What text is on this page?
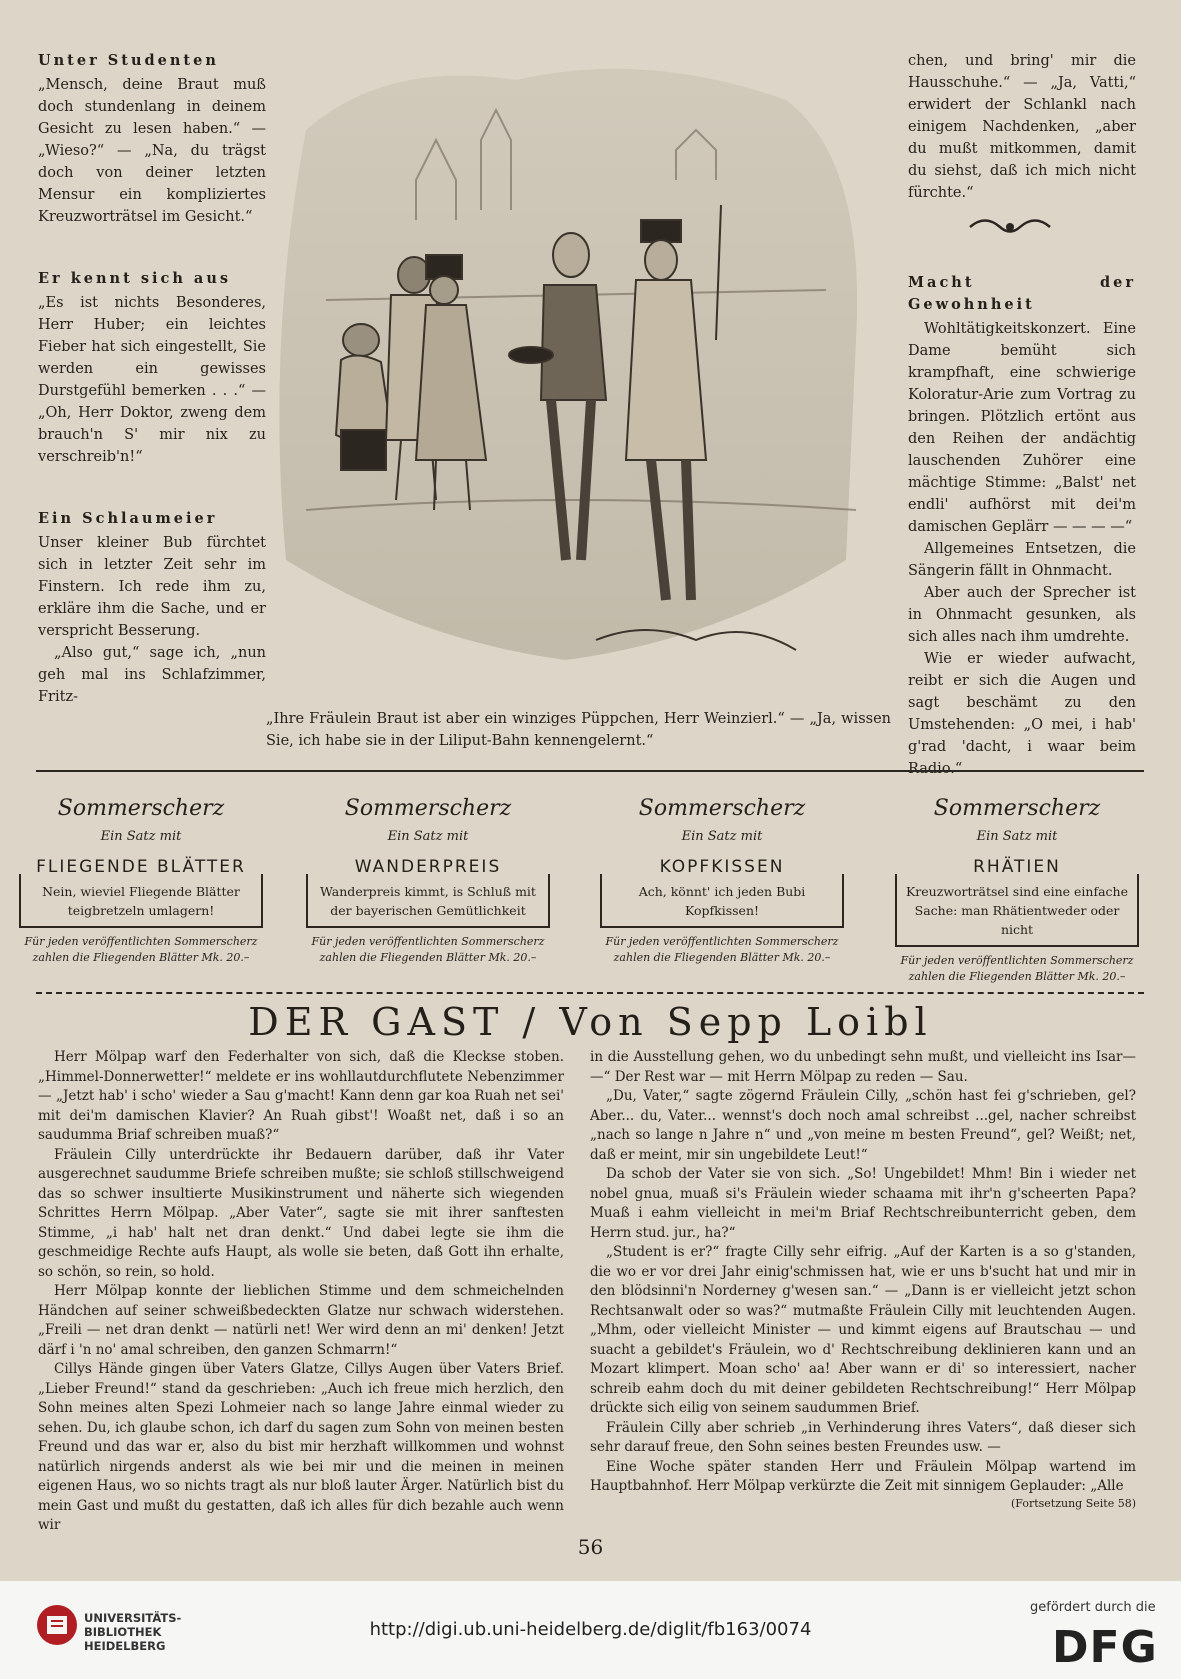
Unter Studenten

„Mensch, deine Braut muß doch stundenlang in deinem Gesicht zu lesen haben.“ — „Wieso?“ — „Na, du trägst doch von deiner letzten Mensur ein kompliziertes Kreuzworträtsel im Gesicht.“

Er kennt sich aus

„Es ist nichts Besonderes, Herr Huber; ein leichtes Fieber hat sich eingestellt, Sie werden ein gewisses Durstgefühl bemerken . . .“ — „Oh, Herr Doktor, zweng dem brauch'n S' mir nix zu verschreib'n!“

Ein Schlaumeier

Unser kleiner Bub fürchtet sich in letzter Zeit sehr im Finstern. Ich rede ihm zu, erkläre ihm die Sache, und er verspricht Besserung.

„Also gut,“ sage ich, „nun geh mal ins Schlafzimmer, Fritz-

„Ihre Fräulein Braut ist aber ein winziges Püppchen, Herr Weinzierl.“ — „Ja, wissen Sie, ich habe sie in der Liliput-Bahn kennengelernt.“

chen, und bring' mir die Hausschuhe.“ — „Ja, Vatti,“ erwidert der Schlankl nach einigem Nachdenken, „aber du mußt mitkommen, damit du siehst, daß ich mich nicht fürchte.“

Macht der Gewohnheit

Wohltätigkeitskonzert. Eine Dame bemüht sich krampfhaft, eine schwierige Koloratur-Arie zum Vortrag zu bringen. Plötzlich ertönt aus den Reihen der andächtig lauschenden Zuhörer eine mächtige Stimme: „Balst' net endli' aufhörst mit dei'm damischen Geplärr — — — —“

Allgemeines Entsetzen, die Sängerin fällt in Ohnmacht.

Aber auch der Sprecher ist in Ohnmacht gesunken, als sich alles nach ihm umdrehte.

Wie er wieder aufwacht, reibt er sich die Augen und sagt beschämt zu den Umstehenden: „O mei, i hab' g'rad 'dacht, i waar beim Radio.“

Sommerscherz
Ein Satz mit
FLIEGENDE BLÄTTER
Nein, wieviel Fliegende Blätter teigbretzeln umlagern!
Für jeden veröffentlichten Sommerscherz zahlen die Fliegenden Blätter Mk. 20.–
Sommerscherz
Ein Satz mit
WANDERPREIS
Wanderpreis kimmt, is Schluß mit der bayerischen Gemütlichkeit
Für jeden veröffentlichten Sommerscherz zahlen die Fliegenden Blätter Mk. 20.–
Sommerscherz
Ein Satz mit
KOPFKISSEN
Ach, könnt' ich jeden Bubi Kopfkissen!
Für jeden veröffentlichten Sommerscherz zahlen die Fliegenden Blätter Mk. 20.–
Sommerscherz
Ein Satz mit
RHÄTIEN
Kreuzworträtsel sind eine einfache Sache: man Rhätientweder oder nicht
Für jeden veröffentlichten Sommerscherz zahlen die Fliegenden Blätter Mk. 20.–
DER GAST / Von Sepp Loibl

Herr Mölpap warf den Federhalter von sich, daß die Kleckse stoben. „Himmel-Donnerwetter!“ meldete er ins wohllautdurchflutete Nebenzimmer — „Jetzt hab' i scho' wieder a Sau g'macht! Kann denn gar koa Ruah net sei' mit dei'm damischen Klavier? An Ruah gibst'! Woaßt net, daß i so an saudumma Briaf schreiben muaß?“

Fräulein Cilly unterdrückte ihr Bedauern darüber, daß ihr Vater ausgerechnet saudumme Briefe schreiben mußte; sie schloß stillschweigend das so schwer insultierte Musikinstrument und näherte sich wiegenden Schrittes Herrn Mölpap. „Aber Vater“, sagte sie mit ihrer sanftesten Stimme, „i hab' halt net dran denkt.“ Und dabei legte sie ihm die geschmeidige Rechte aufs Haupt, als wolle sie beten, daß Gott ihn erhalte, so schön, so rein, so hold.

Herr Mölpap konnte der lieblichen Stimme und dem schmeichelnden Händchen auf seiner schweißbedeckten Glatze nur schwach widerstehen. „Freili — net dran denkt — natürli net! Wer wird denn an mi' denken! Jetzt därf i 'n no' amal schreiben, den ganzen Schmarrn!“

Cillys Hände gingen über Vaters Glatze, Cillys Augen über Vaters Brief. „Lieber Freund!“ stand da geschrieben: „Auch ich freue mich herzlich, den Sohn meines alten Spezi Lohmeier nach so lange Jahre einmal wieder zu sehen. Du, ich glaube schon, ich darf du sagen zum Sohn von meinen besten Freund und das war er, also du bist mir herzhaft willkommen und wohnst natürlich nirgends anderst als wie bei mir und die meinen in meinen eigenen Haus, wo so nichts tragt als nur bloß lauter Ärger. Natürlich bist du mein Gast und mußt du gestatten, daß ich alles für dich bezahle auch wenn wir

in die Ausstellung gehen, wo du unbedingt sehn mußt, und vielleicht ins Isar— —“ Der Rest war — mit Herrn Mölpap zu reden — Sau.

„Du, Vater,“ sagte zögernd Fräulein Cilly, „schön hast fei g'schrieben, gel? Aber... du, Vater... wennst's doch noch amal schreibst ...gel, nacher schreibst „nach so lange n Jahre n“ und „von meine m besten Freund“, gel? Weißt; net, daß er meint, mir sin ungebildete Leut!“

Da schob der Vater sie von sich. „So! Ungebildet! Mhm! Bin i wieder net nobel gnua, muaß si's Fräulein wieder schaama mit ihr'n g'scheerten Papa? Muaß i eahm vielleicht in mei'm Briaf Rechtschreibunterricht geben, dem Herrn stud. jur., ha?“

„Student is er?“ fragte Cilly sehr eifrig. „Auf der Karten is a so g'standen, die wo er vor drei Jahr einig'schmissen hat, wie er uns b'sucht hat und mir in den blödsinni'n Norderney g'wesen san.“ — „Dann is er vielleicht jetzt schon Rechtsanwalt oder so was?“ mutmaßte Fräulein Cilly mit leuchtenden Augen. „Mhm, oder vielleicht Minister — und kimmt eigens auf Brautschau — und suacht a gebildet's Fräulein, wo d' Rechtschreibung deklinieren kann und an Mozart klimpert. Moan scho' aa! Aber wann er di' so interessiert, nacher schreib eahm doch du mit deiner gebildeten Rechtschreibung!“ Herr Mölpap drückte sich eilig von seinem saudummen Brief.

Fräulein Cilly aber schrieb „in Verhinderung ihres Vaters“, daß dieser sich sehr darauf freue, den Sohn seines besten Freundes usw. —

Eine Woche später standen Herr und Fräulein Mölpap wartend im Hauptbahnhof. Herr Mölpap verkürzte die Zeit mit sinnigem Geplauder: „Alle

(Fortsetzung Seite 58)
56
UNIVERSITÄTS-
BIBLIOTHEK
HEIDELBERG
http://digi.ub.uni-heidelberg.de/diglit/fb163/0074
gefördert durch die
DFG
